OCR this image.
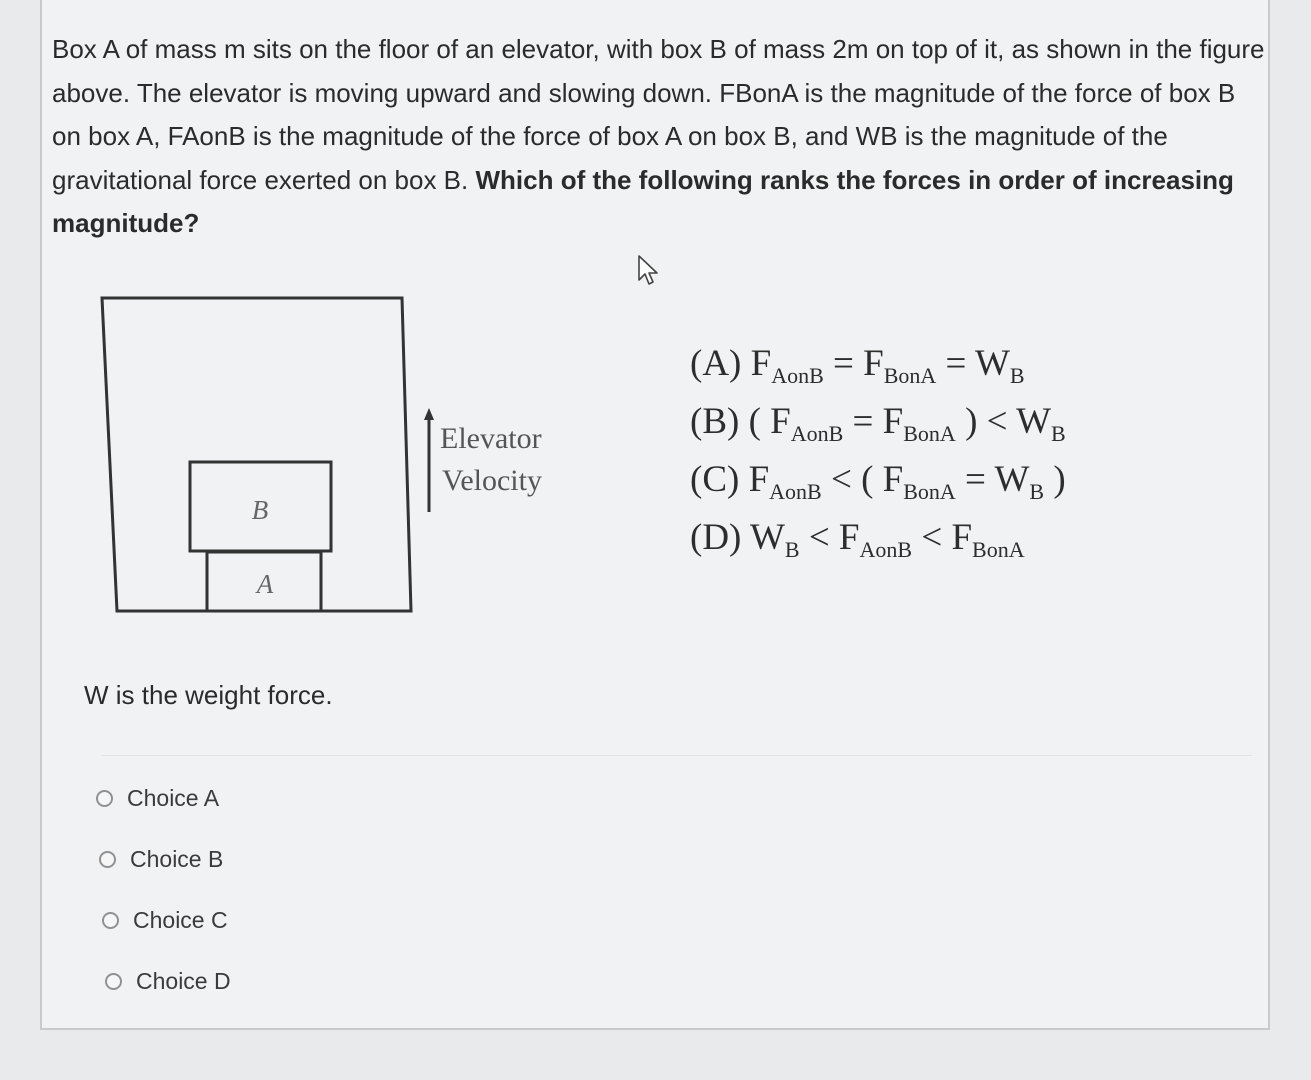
Box A of mass m sits on the floor of an elevator, with box B of mass 2m on top of it, as shown in the figure above. The elevator is moving upward and slowing down. FBonA is the magnitude of the force of box B on box A, FAonB is the magnitude of the force of box A on box B, and WB is the magnitude of the gravitational force exerted on box B. Which of the following ranks the forces in order of increasing magnitude?
B
A
Elevator
Velocity
(A) $F_{AonB} = F_{BonA} = W_B$
(B) ( $F_{AonB} = F_{BonA}$ ) < $W_B$
(C) $F_{AonB}$ < ( $F_{BonA} = W_B$ )
(D) $W_B < F_{AonB} < F_{BonA}$
W is the weight force.
Choice A
Choice B
Choice C
Choice D
